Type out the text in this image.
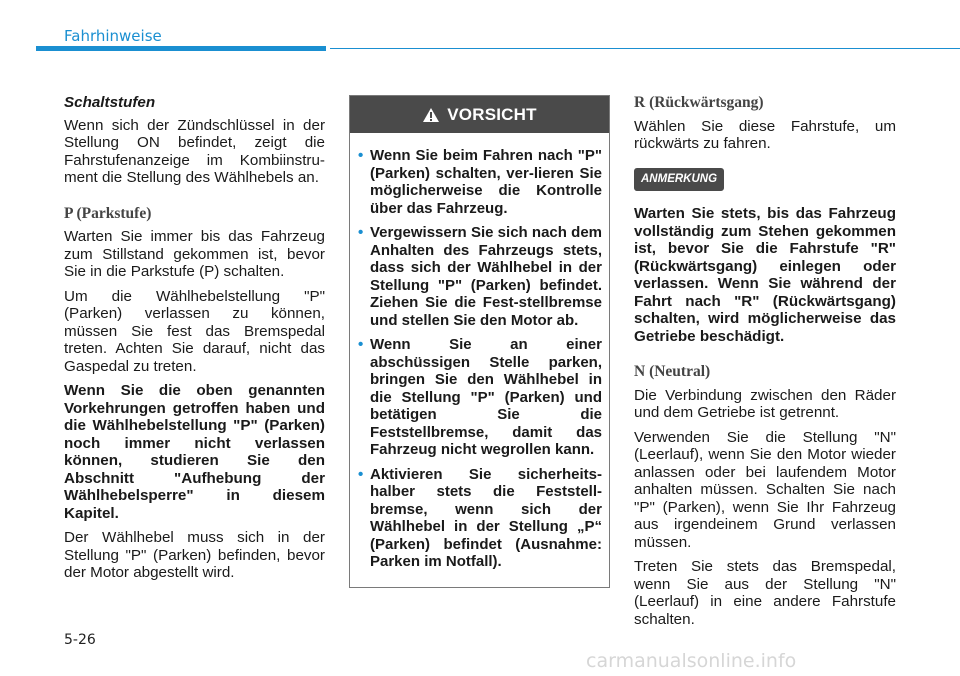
Fahrhinweise

Schaltstufen

Wenn sich der Zündschlüssel in der Stellung ON befindet, zeigt die Fahrstufenanzeige im Kombiinstru-ment die Stellung des Wählhebels an.

P (Parkstufe)

Warten Sie immer bis das Fahrzeug zum Stillstand gekommen ist, bevor Sie in die Parkstufe (P) schalten.

Um die Wählhebelstellung "P" (Parken) verlassen zu können, müssen Sie fest das Bremspedal treten. Achten Sie darauf, nicht das Gaspedal zu treten.

Wenn Sie die oben genannten Vorkehrungen getroffen haben und die Wählhebelstellung "P" (Parken) noch immer nicht verlassen können, studieren Sie den Abschnitt "Aufhebung der Wählhebelsperre" in diesem Kapitel.

Der Wählhebel muss sich in der Stellung "P" (Parken) befinden, bevor der Motor abgestellt wird.

VORSICHT
• Wenn Sie beim Fahren nach "P" (Parken) schalten, ver-lieren Sie möglicherweise die Kontrolle über das Fahrzeug.
• Vergewissern Sie sich nach dem Anhalten des Fahrzeugs stets, dass sich der Wählhebel in der Stellung "P" (Parken) befindet. Ziehen Sie die Fest-stellbremse und stellen Sie den Motor ab.
• Wenn Sie an einer abschüssigen Stelle parken, bringen Sie den Wählhebel in die Stellung "P" (Parken) und betätigen Sie die Feststellbremse, damit das Fahrzeug nicht wegrollen kann.
• Aktivieren Sie sicherheits-halber stets die Feststell-bremse, wenn sich der Wählhebel in der Stellung „P“ (Parken) befindet (Ausnahme: Parken im Notfall).

R (Rückwärtsgang)

Wählen Sie diese Fahrstufe, um rückwärts zu fahren.

ANMERKUNG

Warten Sie stets, bis das Fahrzeug vollständig zum Stehen gekommen ist, bevor Sie die Fahrstufe "R" (Rückwärtsgang) einlegen oder verlassen. Wenn Sie während der Fahrt nach "R" (Rückwärtsgang) schalten, wird möglicherweise das Getriebe beschädigt.

N (Neutral)

Die Verbindung zwischen den Räder und dem Getriebe ist getrennt.

Verwenden Sie die Stellung "N" (Leerlauf), wenn Sie den Motor wieder anlassen oder bei laufendem Motor anhalten müssen. Schalten Sie nach "P" (Parken), wenn Sie Ihr Fahrzeug aus irgendeinem Grund verlassen müssen.

Treten Sie stets das Bremspedal, wenn Sie aus der Stellung "N" (Leerlauf) in eine andere Fahrstufe schalten.

5-26
carmanualsonline.info
